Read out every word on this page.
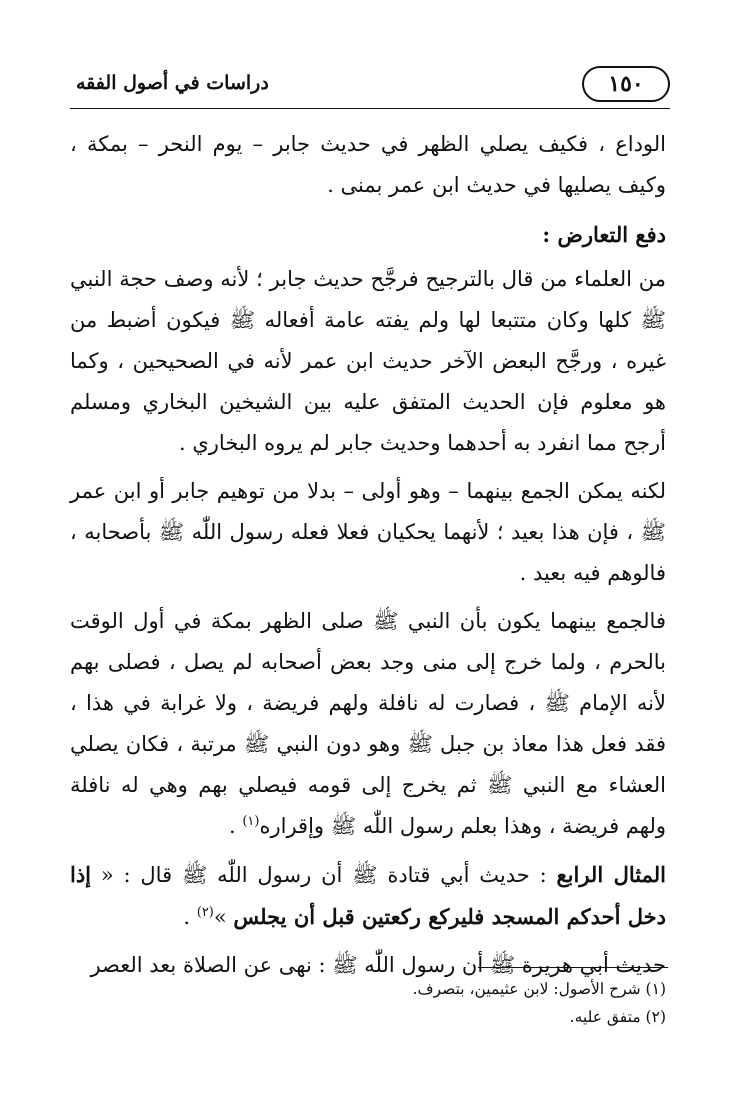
١٥٠
دراسات في أصول الفقه

الوداع ، فكيف يصلي الظهر في حديث جابر – يوم النحر – بمكة ، وكيف يصليها في حديث ابن عمر بمنى .

دفع التعارض :

من العلماء من قال بالترجيح فرجَّح حديث جابر ؛ لأنه وصف حجة النبي ﷺ كلها وكان متتبعا لها ولم يفته عامة أفعاله ﷺ فيكون أضبط من غيره ، ورجَّح البعض الآخر حديث ابن عمر لأنه في الصحيحين ، وكما هو معلوم فإن الحديث المتفق عليه بين الشيخين البخاري ومسلم أرجح مما انفرد به أحدهما وحديث جابر لم يروه البخاري .

لكنه يمكن الجمع بينهما – وهو أولى – بدلا من توهيم جابر أو ابن عمر ﷺ ، فإن هذا بعيد ؛ لأنهما يحكيان فعلا فعله رسول اللّٰه ﷺ بأصحابه ، فالوهم فيه بعيد .

فالجمع بينهما يكون بأن النبي ﷺ صلى الظهر بمكة في أول الوقت بالحرم ، ولما خرج إلى منى وجد بعض أصحابه لم يصل ، فصلى بهم لأنه الإمام ﷺ ، فصارت له نافلة ولهم فريضة ، ولا غرابة في هذا ، فقد فعل هذا معاذ بن جبل ﷺ وهو دون النبي ﷺ مرتبة ، فكان يصلي العشاء مع النبي ﷺ ثم يخرج إلى قومه فيصلي بهم وهي له نافلة ولهم فريضة ، وهذا بعلم رسول اللّٰه ﷺ وإقراره$^{(١)}$ .

المثال الرابع : حديث أبي قتادة ﷺ أن رسول اللّٰه ﷺ قال : « إذا دخل أحدكم المسجد فليركع ركعتين قبل أن يجلس »$^{(٢)}$ .

حديث أبي هريرة ﷺ أن رسول اللّٰه ﷺ : نهى عن الصلاة بعد العصر

(١) شرح الأصول: لابن عثيمين، بتصرف.

(٢) متفق عليه.
